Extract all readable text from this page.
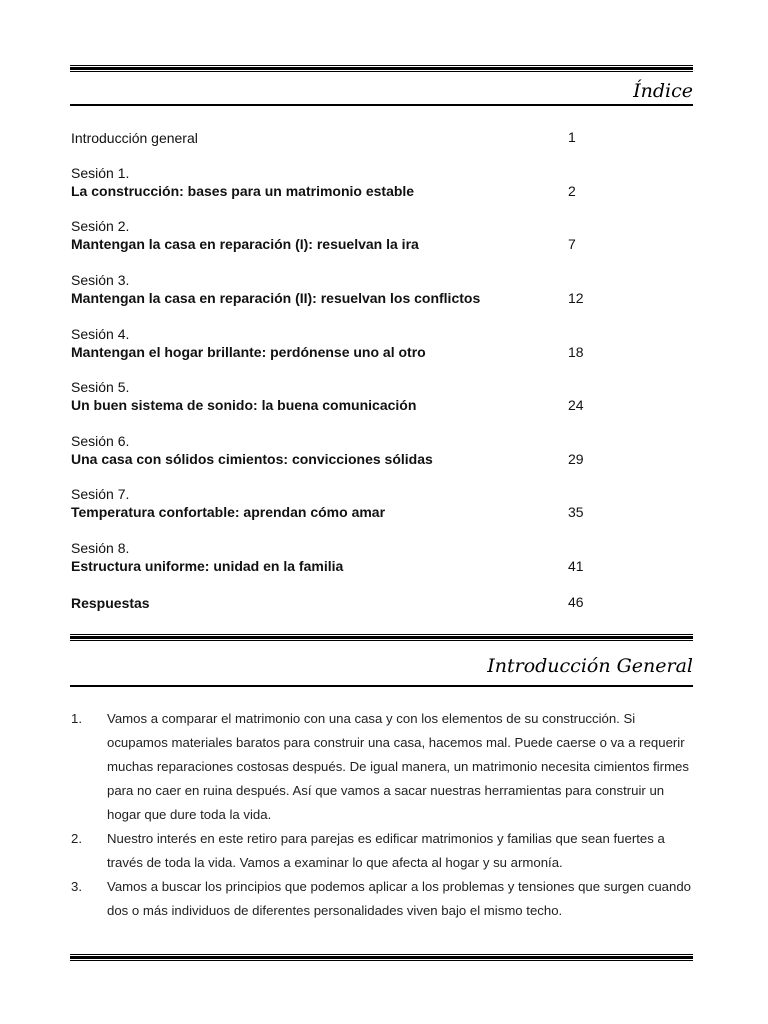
Índice
Introducción general	1
Sesión 1.
La construcción: bases para un matrimonio estable	2
Sesión 2.
Mantengan la casa en reparación (I): resuelvan la ira	7
Sesión 3.
Mantengan la casa en reparación (II): resuelvan los conflictos	12
Sesión 4.
Mantengan el hogar brillante: perdónense uno al otro	18
Sesión 5.
Un buen sistema de sonido: la buena comunicación	24
Sesión 6.
Una casa con sólidos cimientos: convicciones sólidas	29
Sesión 7.
Temperatura confortable: aprendan cómo amar	35
Sesión 8.
Estructura uniforme: unidad en la familia	41
Respuestas	46
Introducción General
1. Vamos a comparar el matrimonio con una casa y con los elementos de su construcción. Si ocupamos materiales baratos para construir una casa, hacemos mal. Puede caerse o va a requerir muchas reparaciones costosas después. De igual manera, un matrimonio necesita cimientos firmes para no caer en ruina después. Así que vamos a sacar nuestras herramientas para construir un hogar que dure toda la vida.
2. Nuestro interés en este retiro para parejas es edificar matrimonios y familias que sean fuertes a través de toda la vida. Vamos a examinar lo que afecta al hogar y su armonía.
3. Vamos a buscar los principios que podemos aplicar a los problemas y tensiones que surgen cuando dos o más individuos de diferentes personalidades viven bajo el mismo techo.
